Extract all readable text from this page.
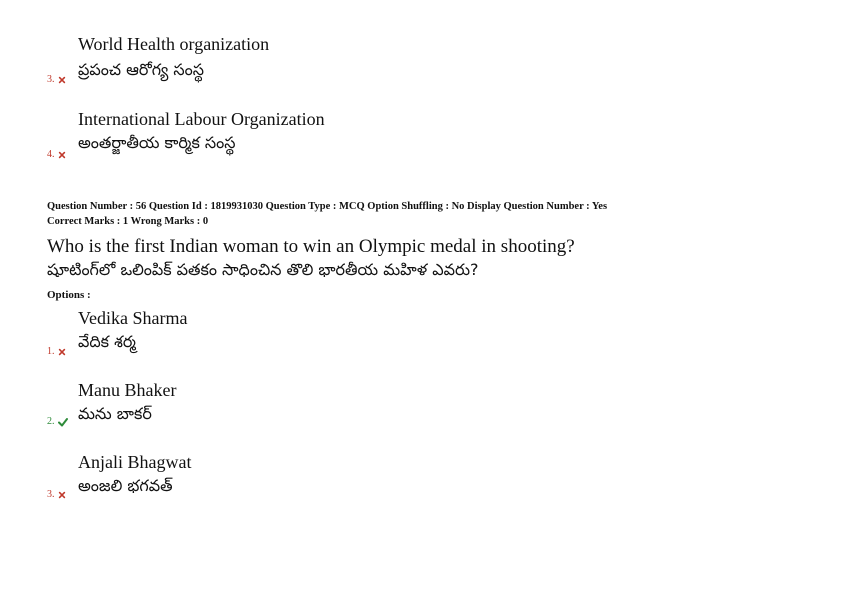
World Health organization
ప్రపంచ ఆరోగ్య సంస్థ
3.
International Labour Organization
అంతర్జాతీయ కార్మిక సంస్థ
4.
Question Number : 56 Question Id : 1819931030 Question Type : MCQ Option Shuffling : No Display Question Number : Yes
Correct Marks : 1 Wrong Marks : 0
Who is the first Indian woman to win an Olympic medal in shooting?
షూటింగ్‌లో ఒలింపిక్ పతకం సాధించిన తొలి భారతీయ మహిళ ఎవరు?
Options :
Vedika Sharma
వేదిక శర్మ
1.
Manu Bhaker
మను బాకర్
2.
Anjali Bhagwat
అంజలి భగవత్
3.
